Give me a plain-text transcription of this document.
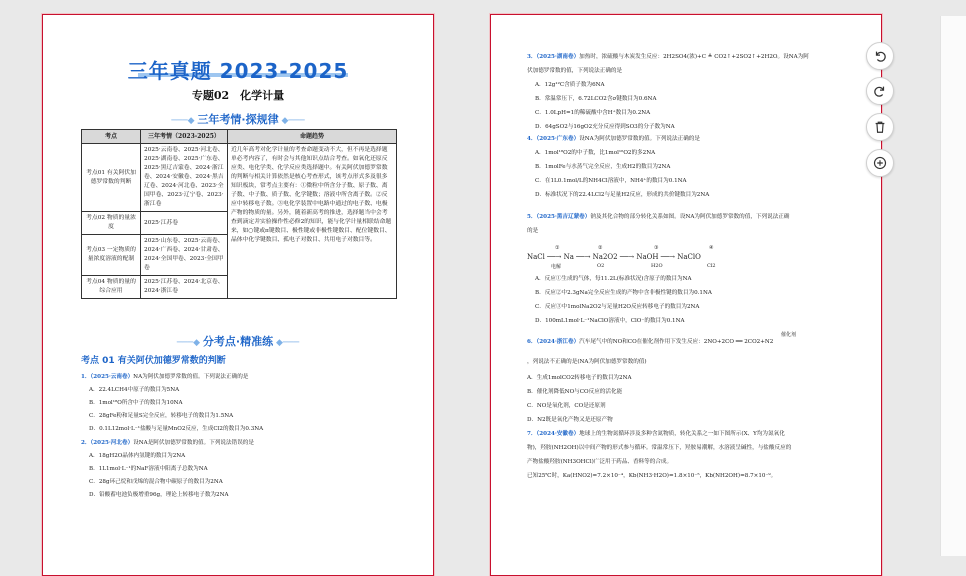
三年真题 2023-2025
专题02　化学计量
───◆ 三年考情·探规律 ◆───
考点	三年考情（2023-2025）	命题趋势
考点01 有关阿伏加德罗常数的判断	2025·云南卷、2025·河北卷、2025·湖南卷、2025·广东卷、2025·黑辽吉蒙卷、2024·浙江卷、2024·安徽卷、2024·黑吉辽卷、2024·河北卷、2023·全国甲卷、2023·辽宁卷、2023·浙江卷	近几年高考对化学计量的考查命题变动不大，但不再是选择题单必考内容了，有时会与其他知识点结合考查。如氧化还原反应类、电化学类、化学反应类选择题中。有关阿伏加德罗常数的判断与相关计算依然是核心考查形式，该考点形式多及很多知识板块，常考点主要有：①微粒中所含分子数、原子数、离子数、中子数、质子数、化学键数；溶液中所含离子数。②反应中转移电子数。③电化学装置中电路中通过的电子数、电极产物的物质的量。另外，随着新高考的推进，选择题当中会考查到滴定并实验操作性必修2的知识，能与化学计量相联结命题来，如○键或π键数目、极性键或非极性键数目、配位键数目、晶体中化学键数目、孤电子对数目、共用电子对数目等。
考点02 物质的量浓度	2025·江苏卷	
考点03 一定物质的量浓度溶液的配制	2025·山东卷、2025·云南卷、2024·广西卷、2024·甘肃卷、2024·全国甲卷、2023·全国甲卷	
考点04 物质的量的综合应用	2025·江苏卷、2024·北京卷、2024·浙江卷	
───◆ 分考点·精准练 ◆───
考点 01 有关阿伏加德罗常数的判断
1．（2025·云南卷）NA为阿伏加德罗常数的值。下列说法正确的是
A．22.4LCH4中原子的数目为5NA
B．1mol¹⁸O所含中子的数目为10NA
C．28gFe粉和足量S完全反应，转移电子的数目为1.5NA
D．0.1L12mol·L⁻¹盐酸与足量MnO2反应，生成Cl2的数目为0.3NA
2．（2025·河北卷）设NA是阿伏加德罗常数的值。下列说法错误的是
A．18gH2O晶体内氢键的数目为2NA
B．1L1mol·L⁻¹的NaF溶液中阳离子总数为NA
C．28g环己烷和戊烯的混合物中碳原子的数目为2NA
D．铅酸蓄电池负极增重96g，理论上转移电子数为2NA
3．（2025·湖南卷）加热时，浓硫酸与木炭发生反应：2H2SO4(浓)+C ≜ CO2↑+2SO2↑+2H2O。设NA为阿
伏加德罗常数的值，下列说法正确的是
A．12g¹²C含质子数为6NA
B．常温常压下，6.72LCO2含σ键数目为0.6NA
C．1.0LpH=1的稀硫酸中含H⁺数目为0.2NA
D．64gSO2与16gO2充分反应得到SO3的分子数为NA
4．（2025·广东卷）设NA为阿伏加德罗常数的值。下列说法正确的是
A．1mol¹⁸O2的中子数，比1mol¹⁶O2的多2NA
B．1molFe与水蒸气完全反应，生成H2的数目为2NA
C．在1L0.1mol/L的NH4Cl溶液中，NH4⁺的数目为0.1NA
D．标准状况下的22.4LCl2与足量H2反应，形成的共价键数目为2NA
5．（2025·黑吉辽蒙卷）钠及其化合物的部分转化关系如图。设NA为阿伏加德罗常数的值，下列说法正确
的是
NaCl ──→ Na ──→ Na2O2 ──→ NaOH ──→ NaClO
①	②	③	④
电解	O2	H2O	Cl2
A．反应①生成的气体，每11.2L(标准状况)含原子的数目为NA
B．反应②中2.3gNa完全反应生成的产物中含非极性键的数目为0.1NA
C．反应③中1molNa2O2与足量H2O反应转移电子的数目为2NA
D．100mL1mol·L⁻¹NaClO溶液中，ClO⁻的数目为0.1NA
催化剂
6．（2024·浙江卷）汽车尾气中的NO和CO在催化剂作用下发生反应：2NO+2CO ══ 2CO2+N2
，列说法不正确的是(NA为阿伏加德罗常数的值)
A．生成1molCO2转移电子的数目为2NA
B．催化剂降低NO与CO反应的活化能
C．NO是氧化剂，CO是还原剂
D．N2既是氧化产物又是还原产物
7．（2024·安徽卷）地球上的生物氮循环涉及多种含氮物质，转化关系之一如下图所示(X、Y均为氮氧化
物)，羟胺(NH2OH)以中间产物的形式参与循环。常温常压下，羟胺易潮解，水溶液呈碱性，与盐酸反应的
产物盐酸羟胺(NH3OHCl)广泛用于药品、香料等的合成。
已知25℃时，Ka(HNO2)=7.2×10⁻⁴，Kb(NH3·H2O)=1.8×10⁻⁵，Kb(NH2OH)=8.7×10⁻⁹。
